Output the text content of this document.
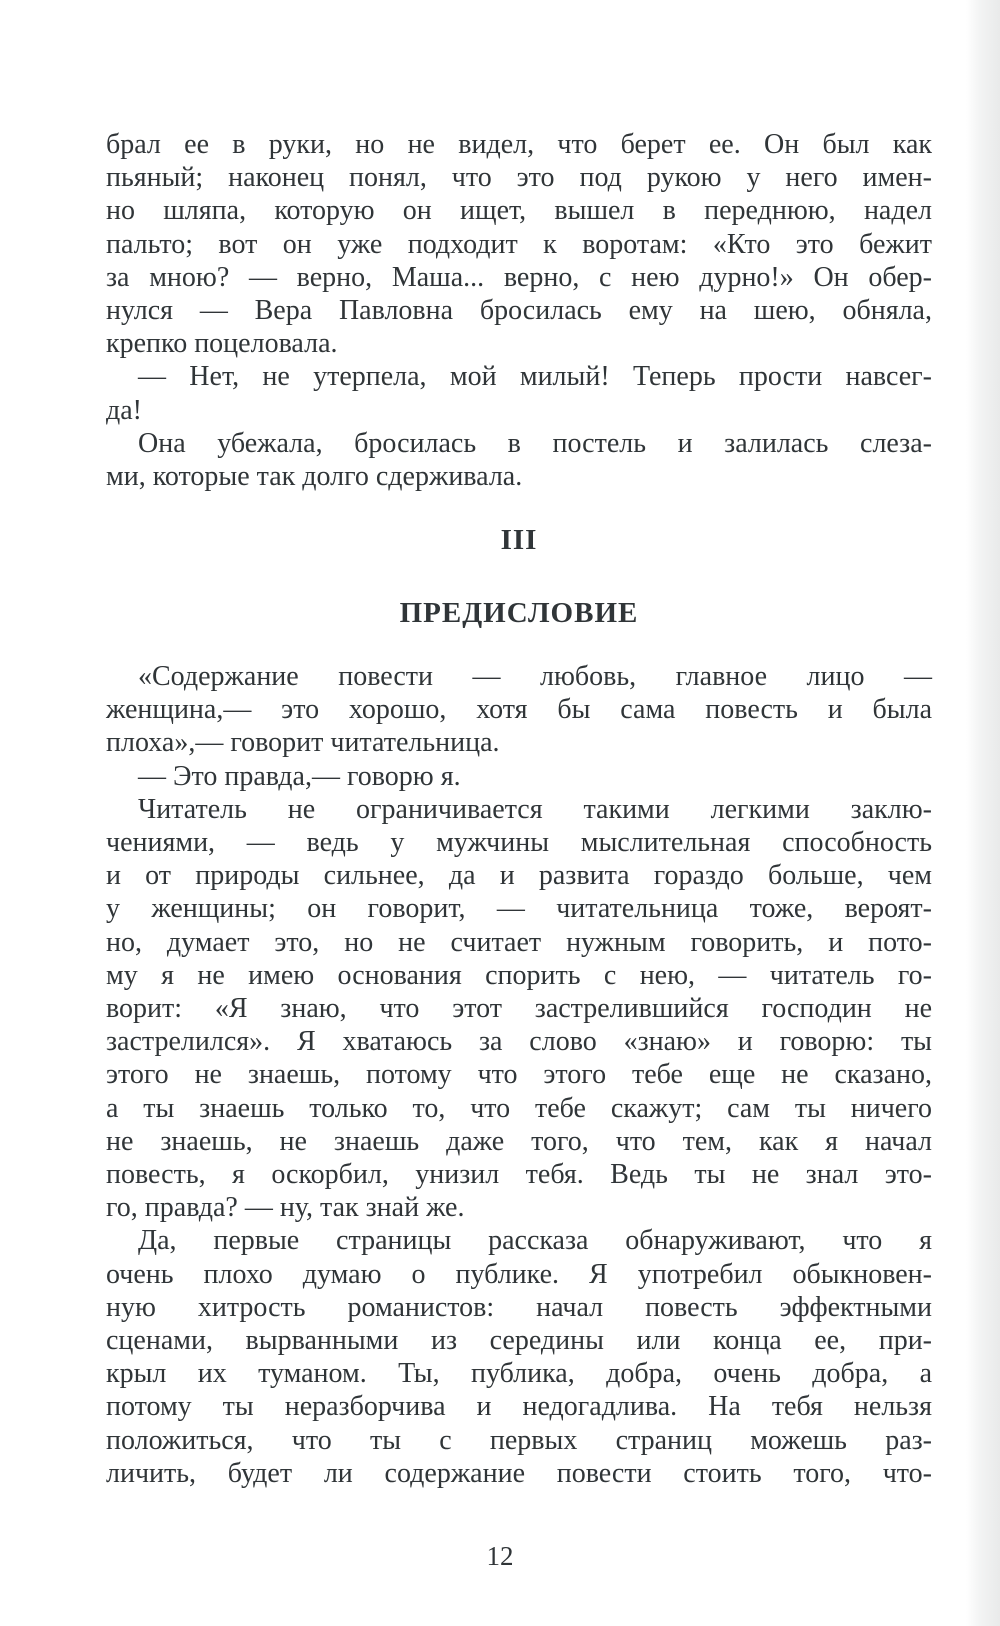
брал ее в руки, но не видел, что берет ее. Он был как
пьяный; наконец понял, что это под рукою у него имен-
но шляпа, которую он ищет, вышел в переднюю, надел
пальто; вот он уже подходит к воротам: «Кто это бежит
за мною? — верно, Маша... верно, с нею дурно!» Он обер-
нулся — Вера Павловна бросилась ему на шею, обняла,
крепко поцеловала.
— Нет, не утерпела, мой милый! Теперь прости навсег-
да!
Она убежала, бросилась в постель и залилась слеза-
ми, которые так долго сдерживала.
III
ПРЕДИСЛОВИЕ
«Содержание повести — любовь, главное лицо —
женщина,— это хорошо, хотя бы сама повесть и была
плоха»,— говорит читательница.
— Это правда,— говорю я.
Читатель не ограничивается такими легкими заклю-
чениями, — ведь у мужчины мыслительная способность
и от природы сильнее, да и развита гораздо больше, чем
у женщины; он говорит, — читательница тоже, вероят-
но, думает это, но не считает нужным говорить, и пото-
му я не имею основания спорить с нею, — читатель го-
ворит: «Я знаю, что этот застрелившийся господин не
застрелился». Я хватаюсь за слово «знаю» и говорю: ты
этого не знаешь, потому что этого тебе еще не сказано,
а ты знаешь только то, что тебе скажут; сам ты ничего
не знаешь, не знаешь даже того, что тем, как я начал
повесть, я оскорбил, унизил тебя. Ведь ты не знал это-
го, правда? — ну, так знай же.
Да, первые страницы рассказа обнаруживают, что я
очень плохо думаю о публике. Я употребил обыкновен-
ную хитрость романистов: начал повесть эффектными
сценами, вырванными из середины или конца ее, при-
крыл их туманом. Ты, публика, добра, очень добра, а
потому ты неразборчива и недогадлива. На тебя нельзя
положиться, что ты с первых страниц можешь раз-
личить, будет ли содержание повести стоить того, что-
12
